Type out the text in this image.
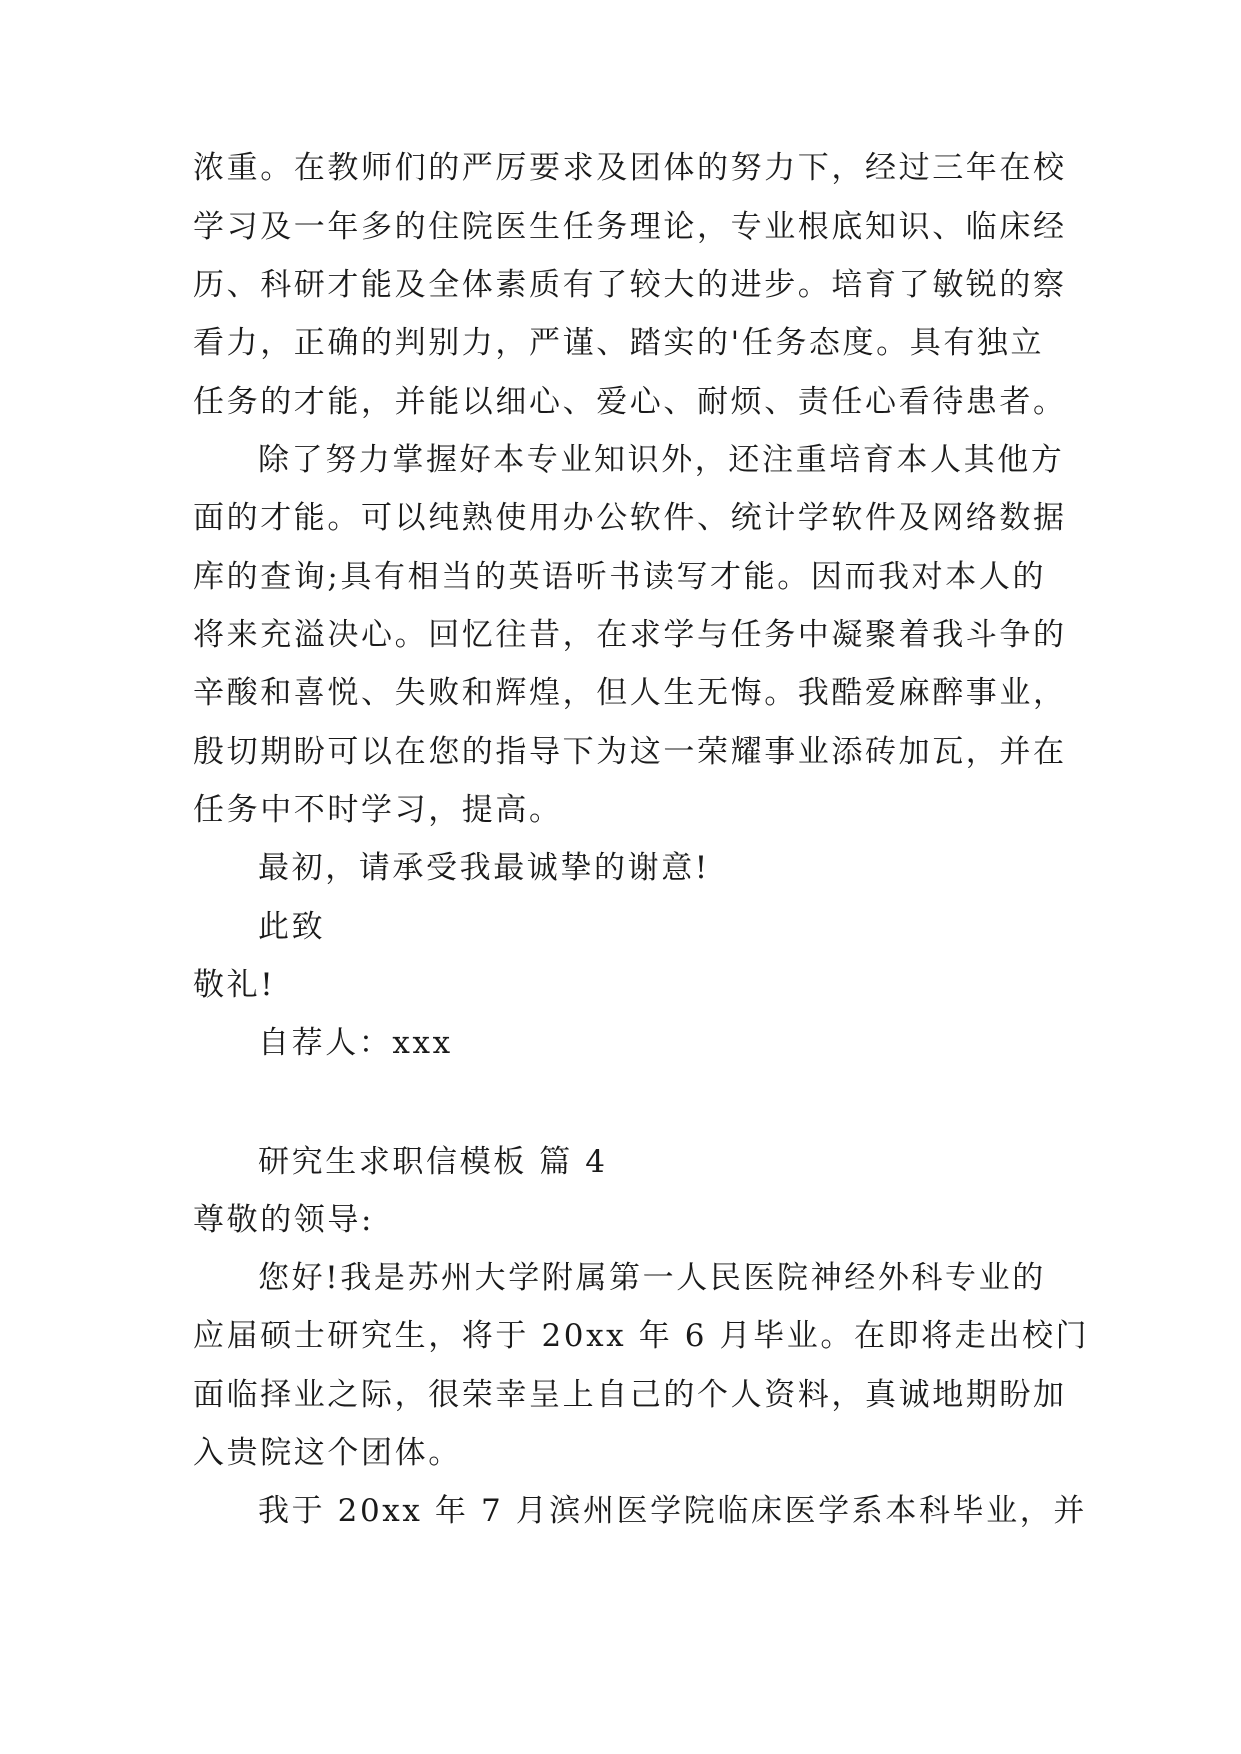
浓重。在教师们的严厉要求及团体的努力下，经过三年在校
学习及一年多的住院医生任务理论，专业根底知识、临床经
历、科研才能及全体素质有了较大的进步。培育了敏锐的察
看力，正确的判别力，严谨、踏实的'任务态度。具有独立
任务的才能，并能以细心、爱心、耐烦、责任心看待患者。
除了努力掌握好本专业知识外，还注重培育本人其他方
面的才能。可以纯熟使用办公软件、统计学软件及网络数据
库的查询;具有相当的英语听书读写才能。因而我对本人的
将来充溢决心。回忆往昔，在求学与任务中凝聚着我斗争的
辛酸和喜悦、失败和辉煌，但人生无悔。我酷爱麻醉事业，
殷切期盼可以在您的指导下为这一荣耀事业添砖加瓦，并在
任务中不时学习，提高。
最初，请承受我最诚挚的谢意!
此致
敬礼!
自荐人：xxx
研究生求职信模板 篇 4
尊敬的领导:
您好!我是苏州大学附属第一人民医院神经外科专业的
应届硕士研究生，将于 20xx 年 6 月毕业。在即将走出校门
面临择业之际，很荣幸呈上自己的个人资料，真诚地期盼加
入贵院这个团体。
我于 20xx 年 7 月滨州医学院临床医学系本科毕业，并
